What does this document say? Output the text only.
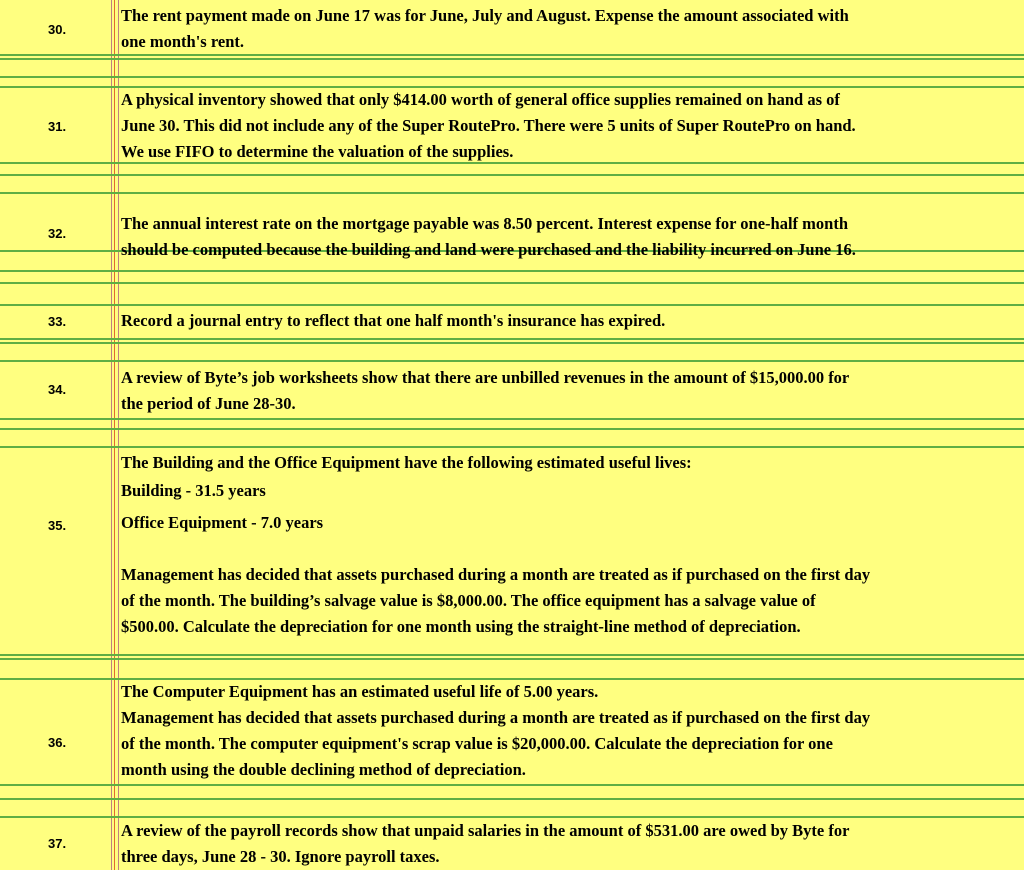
30.
The rent payment made on June 17 was for June, July and August. Expense the amount associated with
one month's rent.
31.
A physical inventory showed that only $414.00 worth of general office supplies remained on hand as of
June 30. This did not include any of the Super RoutePro. There were 5 units of Super RoutePro on hand.
We use FIFO to determine the valuation of the supplies.
32.
The annual interest rate on the mortgage payable was 8.50 percent. Interest expense for one-half month
should be computed because the building and land were purchased and the liability incurred on June 16.
33.	Record a journal entry to reflect that one half month's insurance has expired.
34.
A review of Byte’s job worksheets show that there are unbilled revenues in the amount of $15,000.00 for
the period of June 28-30.
35.
The Building and the Office Equipment have the following estimated useful lives:
Building - 31.5 years
Office Equipment - 7.0 years
Management has decided that assets purchased during a month are treated as if purchased on the first day
of the month. The building’s salvage value is $8,000.00. The office equipment has a salvage value of
$500.00. Calculate the depreciation for one month using the straight-line method of depreciation.
36.
The Computer Equipment has an estimated useful life of 5.00 years.
Management has decided that assets purchased during a month are treated as if purchased on the first day
of the month. The computer equipment's scrap value is $20,000.00. Calculate the depreciation for one
month using the double declining method of depreciation.
37.
A review of the payroll records show that unpaid salaries in the amount of $531.00 are owed by Byte for
three days, June 28 - 30. Ignore payroll taxes.
